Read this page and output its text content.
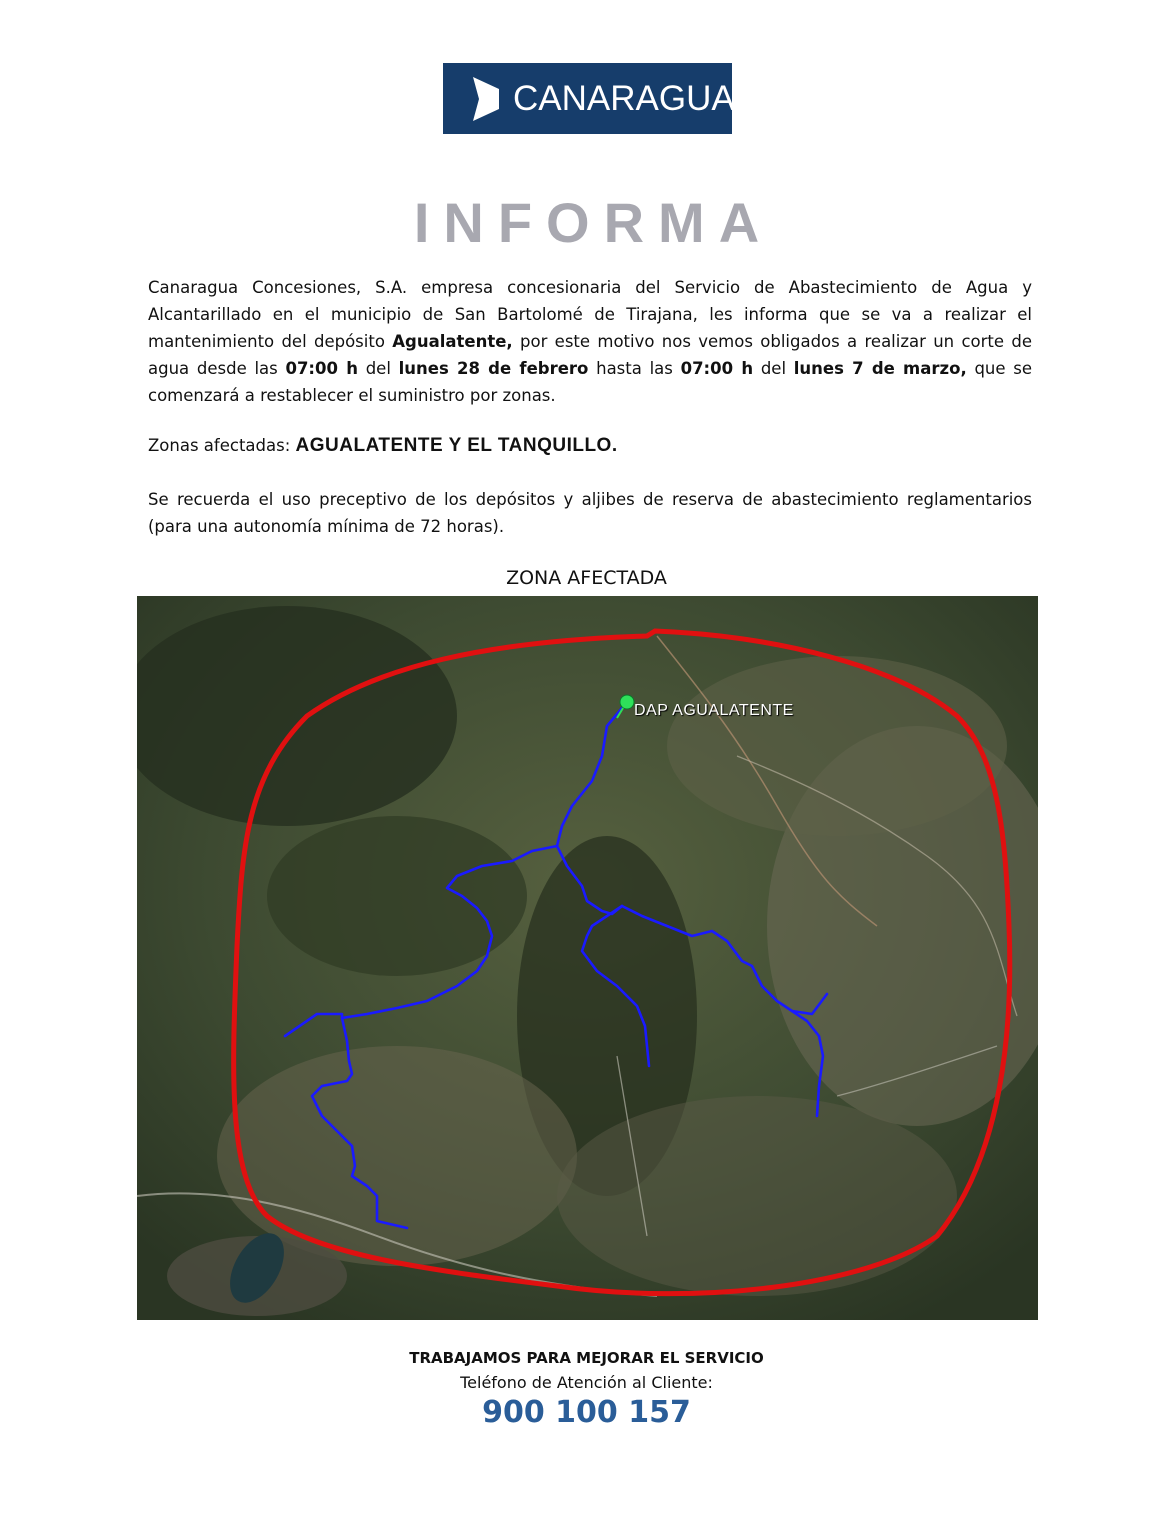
CANARAGUA
INFORMA

Canaragua Concesiones, S.A. empresa concesionaria del Servicio de Abastecimiento de Agua y Alcantarillado en el municipio de San Bartolomé de Tirajana, les informa que se va a realizar el mantenimiento del depósito Agualatente, por este motivo nos vemos obligados a realizar un corte de agua desde las 07:00 h del lunes 28 de febrero hasta las 07:00 h del lunes 7 de marzo, que se comenzará a restablecer el suministro por zonas.

Zonas afectadas: AGUALATENTE Y EL TANQUILLO.

Se recuerda el uso preceptivo de los depósitos y aljibes de reserva de abastecimiento reglamentarios (para una autonomía mínima de 72 horas).

ZONA AFECTADA
DAP AGUALATENTE
TRABAJAMOS PARA MEJORAR EL SERVICIO
Teléfono de Atención al Cliente:
900 100 157
